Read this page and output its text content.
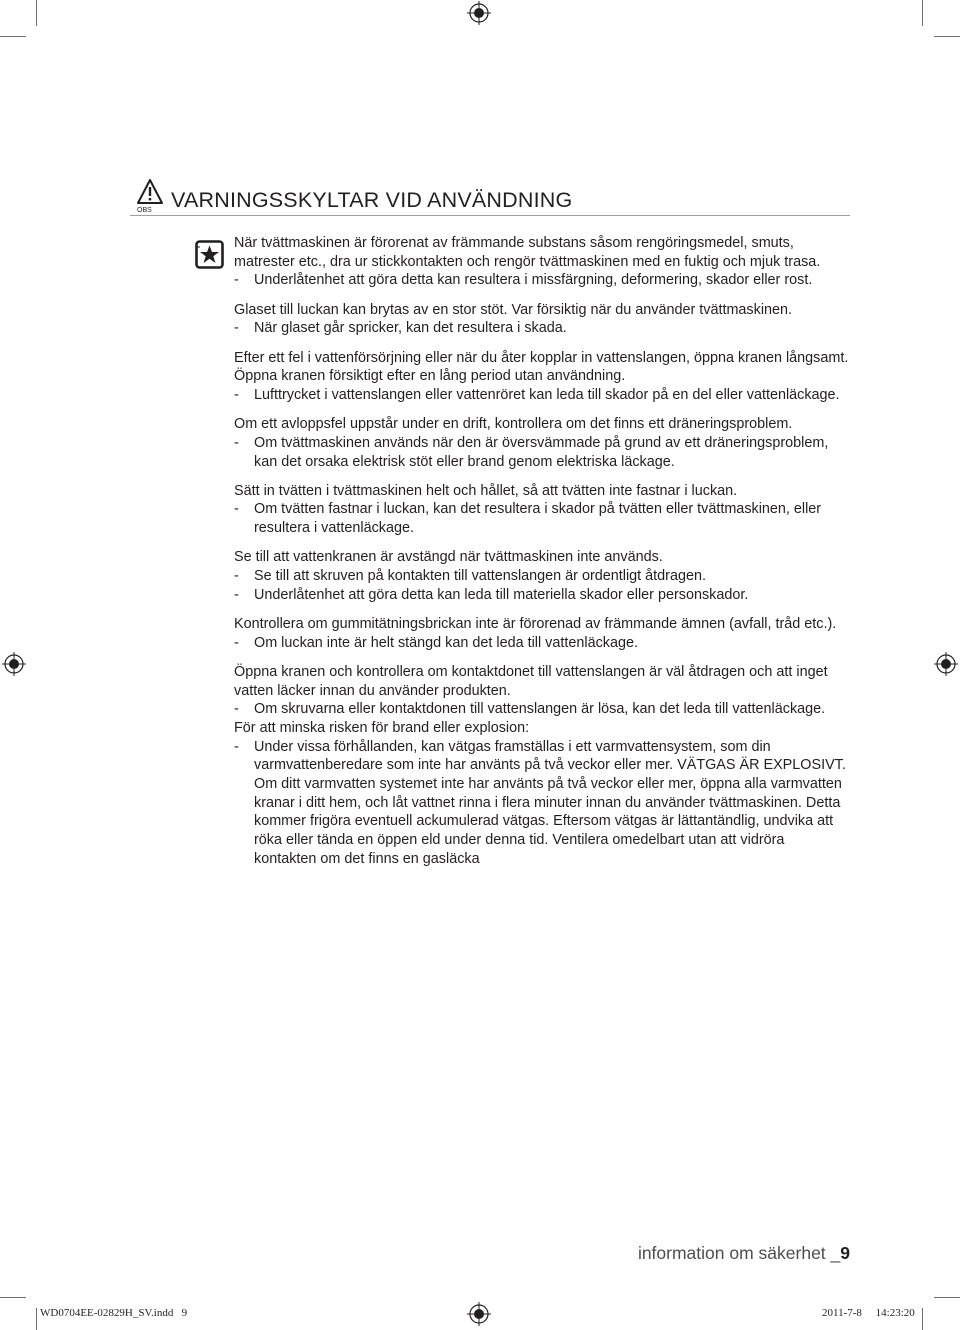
OBS VARNINGSSKYLTAR VID ANVÄNDNING

När tvättmaskinen är förorenat av främmande substans såsom rengöringsmedel, smuts, matrester etc., dra ur stickkontakten och rengör tvättmaskinen med en fuktig och mjuk trasa.

- Underlåtenhet att göra detta kan resultera i missfärgning, deformering, skador eller rost.

Glaset till luckan kan brytas av en stor stöt. Var försiktig när du använder tvättmaskinen.

- När glaset går spricker, kan det resultera i skada.

Efter ett fel i vattenförsörjning eller när du åter kopplar in vattenslangen, öppna kranen långsamt.

Öppna kranen försiktigt efter en lång period utan användning.

- Lufttrycket i vattenslangen eller vattenröret kan leda till skador på en del eller vattenläckage.

Om ett avloppsfel uppstår under en drift, kontrollera om det finns ett dräneringsproblem.

- Om tvättmaskinen används när den är översvämmade på grund av ett dräneringsproblem, kan det orsaka elektrisk stöt eller brand genom elektriska läckage.

Sätt in tvätten i tvättmaskinen helt och hållet, så att tvätten inte fastnar i luckan.

- Om tvätten fastnar i luckan, kan det resultera i skador på tvätten eller tvättmaskinen, eller resultera i vattenläckage.

Se till att vattenkranen är avstängd när tvättmaskinen inte används.

- Se till att skruven på kontakten till vattenslangen är ordentligt åtdragen.

- Underlåtenhet att göra detta kan leda till materiella skador eller personskador.

Kontrollera om gummitätningsbrickan inte är förorenad av främmande ämnen (avfall, tråd etc.).

- Om luckan inte är helt stängd kan det leda till vattenläckage.

Öppna kranen och kontrollera om kontaktdonet till vattenslangen är väl åtdragen och att inget vatten läcker innan du använder produkten.

- Om skruvarna eller kontaktdonen till vattenslangen är lösa, kan det leda till vattenläckage.

För att minska risken för brand eller explosion:

- Under vissa förhållanden, kan vätgas framställas i ett varmvattensystem, som din varmvattenberedare som inte har använts på två veckor eller mer. VÄTGAS ÄR EXPLOSIVT. Om ditt varmvatten systemet inte har använts på två veckor eller mer, öppna alla varmvatten kranar i ditt hem, och låt vattnet rinna i flera minuter innan du använder tvättmaskinen. Detta kommer frigöra eventuell ackumulerad vätgas. Eftersom vätgas är lättantändlig, undvika att röka eller tända en öppen eld under denna tid. Ventilera omedelbart utan att vidröra kontakten om det finns en gasläcka

information om säkerhet _9
WD0704EE-02829H_SV.indd   9	2011-7-8     14:23:20
